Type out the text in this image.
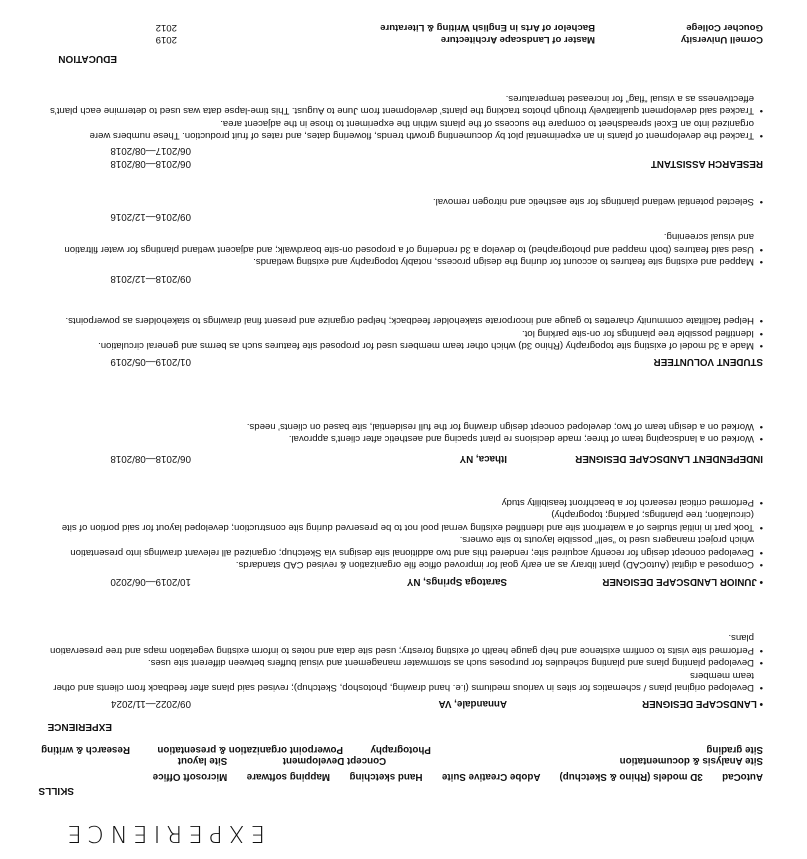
EXPERIENCE
SKILLS
AutoCad  3D models (Rhino & Sketchup)  Adobe Creative Suite  Hand sketching  Mapping software  Microsoft Office
Site Analysis & documentation  Concept Development  Site layout
Site grading  Photography  Powerpoint organization & presentation  Research & writing
EXPERIENCE
• LANDSCAPE DESIGNER
Annandale, VA
09/2022—11/2024
• Developed original plans / schematics for sites in various mediums (i.e. hand drawing, photoshop, Sketchup); revised said plans after feedback from clients and other team members
• Developed planting plans and planting schedules for purposes such as stormwater management and visual buffers between different site uses.
• Performed site visits to confirm existence and help gauge health of existing forestry; used site data and notes to inform existing vegetation maps and tree preservation plans.
• JUNIOR LANDSCAPE DESIGNER
Saratoga Springs, NY
10/2019—06/2020
• Composed a digital (AutoCAD) plant library as an early goal for improved office file organization & revised CAD standards.
• Developed concept design for recently acquired site; rendered this and two additional site designs via Sketchup; organized all relevant drawings into presentation which project managers used to “sell” possible layouts to site owners.
• Took part in initial studies of a waterfront site and identified existing vernal pool not to be preserved during site construction; developed layout for said portion of site (circulation; tree plantings; parking; topography)
• Performed critical research for a beachfront feasibility study
INDEPENDENT LANDSCAPE DESIGNER
Ithaca, NY
06/2018—08/2018
• Worked on a landscaping team of three; made decisions re plant spacing and aesthetic after client’s approval.
• Worked on a design team of two; developed concept design drawing for the full residential, site based on clients’ needs.
STUDENT VOLUNTEER
01/2019—05/2019
• Made a 3d model of existing site topography (Rhino 3d) which other team members used for proposed site features such as berms and general circulation.
• Identified possible tree plantings for on-site parking lot.
• Helped facilitate community charettes to gauge and incorporate stakeholder feedback; helped organize and present final drawings to stakeholders as powerpoints.
09/2018—12/2018
• Mapped and existing site features to account for during the design process, notably topography and existing wetlands.
• Used said features (both mapped and photographed) to develop a 3d rendering of a proposed on-site boardwalk; and adjacent wetland plantings for water filtration and visual screening.
09/2016—12/2016
• Selected potential wetland plantings for site aesthetic and nitrogen removal.
RESEARCH ASSISTANT
06/2018—08/2018
06/2017—08/2018
• Tracked the development of plants in an experimental plot by documenting growth trends, flowering dates, and rates of fruit production. These numbers were organized into an Excel spreadsheet to compare the success of the plants within the experiment to those in the adjacent area.
• Tracked said development qualitatively through photos tracking the plants’ development from June to August. This time-lapse data was used to determine each plant’s effectiveness as a visual “flag” for increased temperatures.
EDUCATION
Cornell University
Master of Landscape Architecture
2019
Goucher College
Bachelor of Arts in English Writing & Literature
2012
